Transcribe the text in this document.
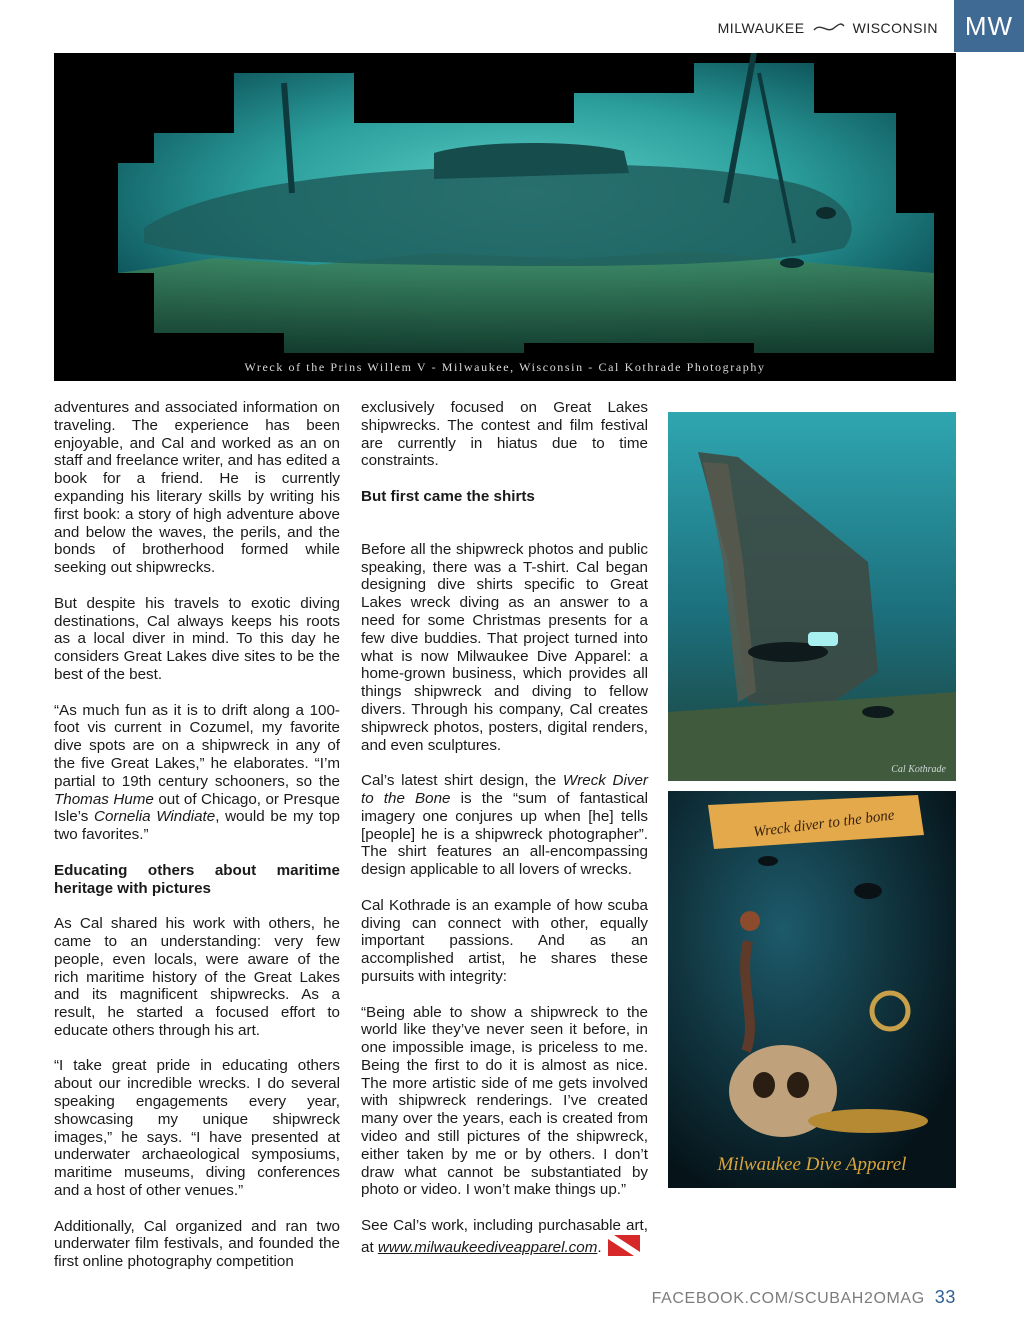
MILWAUKEE	WISCONSIN	MW
Wreck of the Prins Willem V - Milwaukee, Wisconsin - Cal Kothrade Photography

adventures and associated information on traveling. The experience has been enjoyable, and Cal and worked as an on staff and freelance writer, and has edited a book for a friend. He is currently expanding his literary skills by writing his first book: a story of high adventure above and below the waves, the perils, and the bonds of brotherhood formed while seeking out shipwrecks.

But despite his travels to exotic diving destinations, Cal always keeps his roots as a local diver in mind. To this day he considers Great Lakes dive sites to be the best of the best.

“As much fun as it is to drift along a 100-foot vis current in Cozumel, my favorite dive spots are on a shipwreck in any of the five Great Lakes,” he elaborates. “I’m partial to 19th century schooners, so the Thomas Hume out of Chicago, or Presque Isle’s Cornelia Windiate, would be my top two favorites.”

Educating others about maritime heritage with pictures

As Cal shared his work with others, he came to an understanding: very few people, even locals, were aware of the rich maritime history of the Great Lakes and its magnificent shipwrecks. As a result, he started a focused effort to educate others through his art.

“I take great pride in educating others about our incredible wrecks. I do several speaking engagements every year, showcasing my unique shipwreck images,” he says. “I have presented at underwater archaeological symposiums, maritime museums, diving conferences and a host of other venues.”

Additionally, Cal organized and ran two underwater film festivals, and founded the first online photography competition

exclusively focused on Great Lakes shipwrecks. The contest and film festival are currently in hiatus due to time constraints.

But first came the shirts

Before all the shipwreck photos and public speaking, there was a T-shirt. Cal began designing dive shirts specific to Great Lakes wreck diving as an answer to a need for some Christmas presents for a few dive buddies. That project turned into what is now Milwaukee Dive Apparel: a home-grown business, which provides all things shipwreck and diving to fellow divers. Through his company, Cal creates shipwreck photos, posters, digital renders, and even sculptures.

Cal’s latest shirt design, the Wreck Diver to the Bone is the “sum of fantastical imagery one conjures up when [he] tells [people] he is a shipwreck photographer”. The shirt features an all-encompassing design applicable to all lovers of wrecks.

Cal Kothrade is an example of how scuba diving can connect with other, equally important passions. And as an accomplished artist, he shares these pursuits with integrity:

“Being able to show a shipwreck to the world like they’ve never seen it before, in one impossible image, is priceless to me. Being the first to do it is almost as nice. The more artistic side of me gets involved with shipwreck renderings. I’ve created many over the years, each is created from video and still pictures of the shipwreck, either taken by me or by others. I don’t draw what cannot be substantiated by photo or video. I won’t make things up.”

See Cal’s work, including purchasable art, at www.milwaukeediveapparel.com.

Cal Kothrade
Wreck diver to the bone
Milwaukee Dive Apparel
FACEBOOK.COM/SCUBAH2OMAG 33
